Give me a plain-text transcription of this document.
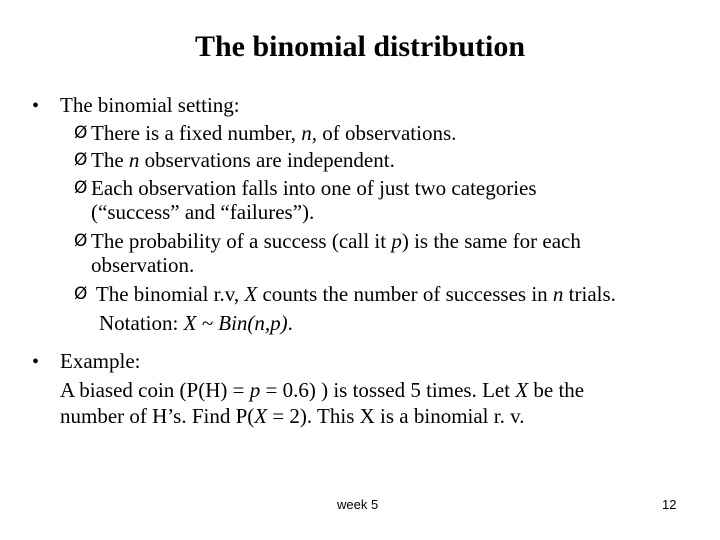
The binomial distribution
• The binomial setting:
Ø There is a fixed number, n, of observations.
Ø The n observations are independent.
Ø Each observation falls into one of just two categories
(“success” and “failures”).
Ø The probability of a success (call it p) is the same for each
observation.
Ø The binomial r.v, X counts the number of successes in n trials.
Notation: X ~ Bin(n,p).
• Example:
A biased coin (P(H) = p = 0.6) ) is tossed 5 times. Let X be the
number of H’s. Find P(X = 2). This X is a binomial r. v.
week 5	12
